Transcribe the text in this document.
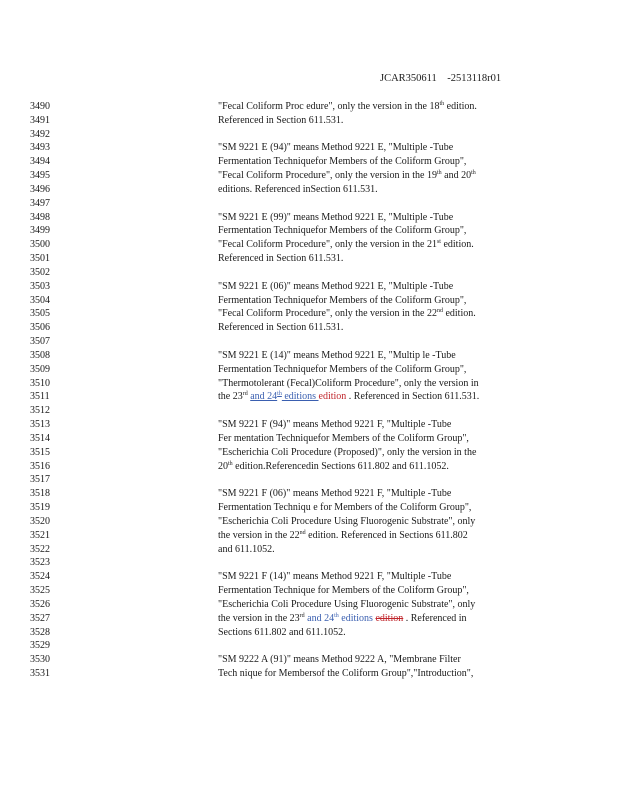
JCAR350611    -2513118r01
3490	"Fecal Coliform Proc edure", only the version in the 18th edition.
3491	Referenced in Section 611.531.
3492
3493	"SM 9221 E (94)" means Method 9221 E, "Multiple -Tube
3494	Fermentation Techniquefor Members of the Coliform Group",
3495	"Fecal Coliform Procedure", only the version in the 19th and 20th
3496	editions. Referenced inSection 611.531.
3497
3498	"SM 9221 E (99)" means Method 9221 E, "Multiple -Tube
3499	Fermentation Techniquefor Members of the Coliform Group",
3500	"Fecal Coliform Procedure", only the version in the 21st edition.
3501	Referenced in Section 611.531.
3502
3503	"SM 9221 E (06)" means Method 9221 E, "Multiple -Tube
3504	Fermentation Techniquefor Members of the Coliform Group",
3505	"Fecal Coliform Procedure", only the version in the 22nd edition.
3506	Referenced in Section 611.531.
3507
3508	"SM 9221 E (14)" means Method 9221 E, "Multip le -Tube
3509	Fermentation Techniquefor Members of the Coliform Group",
3510	"Thermotolerant (Fecal)Coliform Procedure", only the version in
3511	the 23rd and 24th editions edition . Referenced in Section 611.531.
3512
3513	"SM 9221 F (94)" means Method 9221 F, "Multiple -Tube
3514	Fer mentation Techniquefor Members of the Coliform Group",
3515	"Escherichia Coli Procedure (Proposed)", only the version in the
3516	20th edition.Referencedin Sections 611.802 and 611.1052.
3517
3518	"SM 9221 F (06)" means Method 9221 F, "Multiple -Tube
3519	Fermentation Techniqu e for Members of the Coliform Group",
3520	"Escherichia Coli Procedure Using Fluorogenic Substrate", only
3521	the version in the 22nd edition. Referenced in Sections 611.802
3522	and 611.1052.
3523
3524	"SM 9221 F (14)" means Method 9221 F, "Multiple -Tube
3525	Fermentation Technique for Members of the Coliform Group",
3526	"Escherichia Coli Procedure Using Fluorogenic Substrate", only
3527	the version in the 23rd and 24th editions edition . Referenced in
3528	Sections 611.802 and 611.1052.
3529
3530	"SM 9222 A (91)" means Method 9222 A, "Membrane Filter
3531	Tech nique for Membersof the Coliform Group","Introduction",
